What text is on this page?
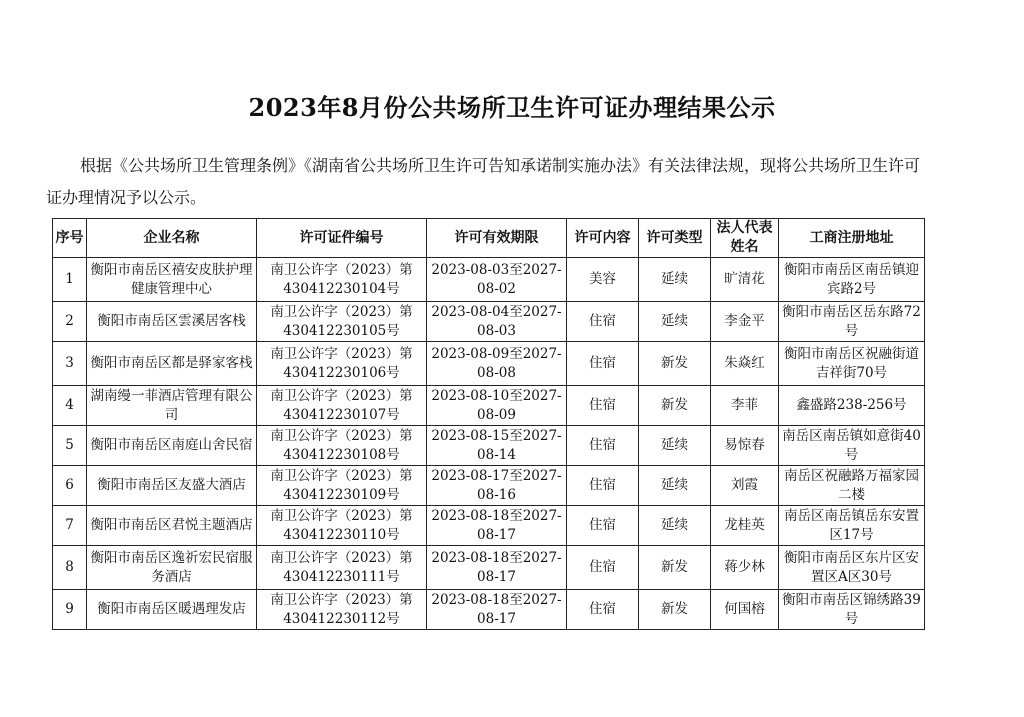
2023年8月份公共场所卫生许可证办理结果公示

根据《公共场所卫生管理条例》《湖南省公共场所卫生许可告知承诺制实施办法》有关法律法规，现将公共场所卫生许可证办理情况予以公示。

序号	企业名称	许可证件编号	许可有效期限	许可内容	许可类型	法人代表姓名	工商注册地址
1	衡阳市南岳区禧安皮肤护理健康管理中心	南卫公许字（2023）第430412230104号	2023-08-03至2027-08-02	美容	延续	旷清花	衡阳市南岳区南岳镇迎宾路2号
2	衡阳市南岳区雲溪居客栈	南卫公许字（2023）第430412230105号	2023-08-04至2027-08-03	住宿	延续	李金平	衡阳市南岳区岳东路72号
3	衡阳市南岳区都是驿家客栈	南卫公许字（2023）第430412230106号	2023-08-09至2027-08-08	住宿	新发	朱焱红	衡阳市南岳区祝融街道吉祥街70号
4	湖南缦一菲酒店管理有限公司	南卫公许字（2023）第430412230107号	2023-08-10至2027-08-09	住宿	新发	李菲	鑫盛路238-256号
5	衡阳市南岳区南庭山舍民宿	南卫公许字（2023）第430412230108号	2023-08-15至2027-08-14	住宿	延续	易惊春	南岳区南岳镇如意街40号
6	衡阳市南岳区友盛大酒店	南卫公许字（2023）第430412230109号	2023-08-17至2027-08-16	住宿	延续	刘霞	南岳区祝融路万福家园二楼
7	衡阳市南岳区君悦主题酒店	南卫公许字（2023）第430412230110号	2023-08-18至2027-08-17	住宿	延续	龙桂英	南岳区南岳镇岳东安置区17号
8	衡阳市南岳区逸祈宏民宿服务酒店	南卫公许字（2023）第430412230111号	2023-08-18至2027-08-17	住宿	新发	蒋少林	衡阳市南岳区东片区安置区A区30号
9	衡阳市南岳区暖遇理发店	南卫公许字（2023）第430412230112号	2023-08-18至2027-08-17	住宿	新发	何国榕	衡阳市南岳区锦绣路39号
